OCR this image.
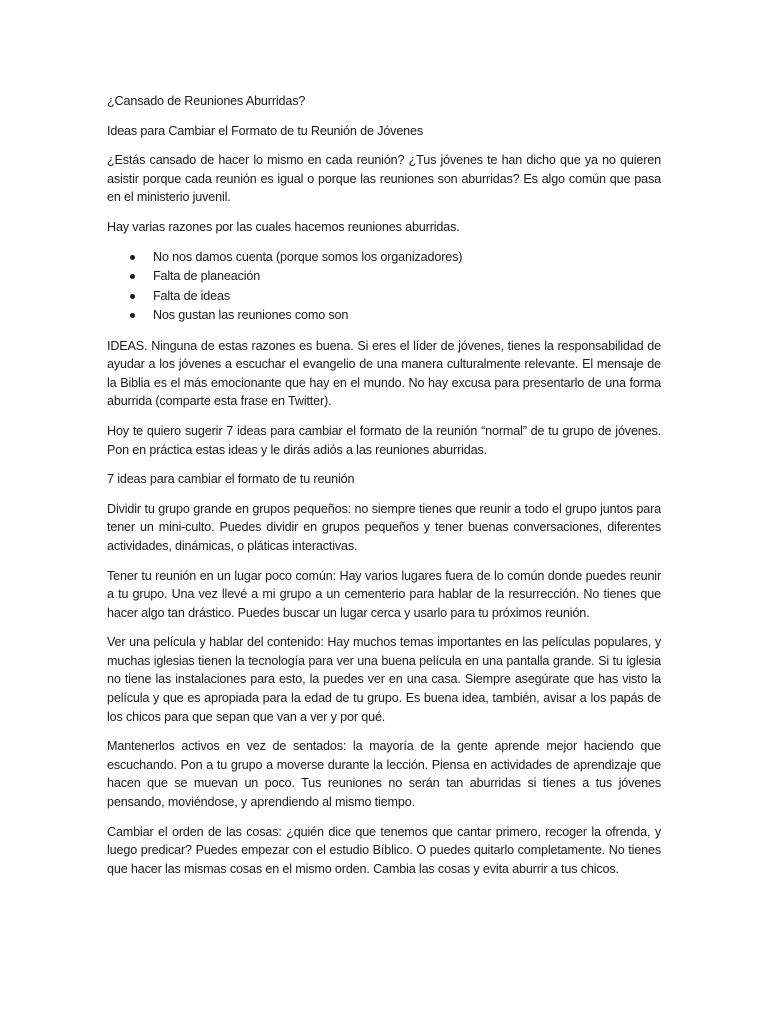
¿Cansado de Reuniones Aburridas?

Ideas para Cambiar el Formato de tu Reunión de Jóvenes

¿Estás cansado de hacer lo mismo en cada reunión? ¿Tus jóvenes te han dicho que ya no quieren asistir porque cada reunión es igual o porque las reuniones son aburridas? Es algo común que pasa en el ministerio juvenil.

Hay varias razones por las cuales hacemos reuniones aburridas.

No nos damos cuenta (porque somos los organizadores)
Falta de planeación
Falta de ideas
Nos gustan las reuniones como son

IDEAS. Ninguna de estas razones es buena. Si eres el líder de jóvenes, tienes la responsabilidad de ayudar a los jóvenes a escuchar el evangelio de una manera culturalmente relevante. El mensaje de la Biblia es el más emocionante que hay en el mundo. No hay excusa para presentarlo de una forma aburrida (comparte esta frase en Twitter).

Hoy te quiero sugerir 7 ideas para cambiar el formato de la reunión “normal” de tu grupo de jóvenes. Pon en práctica estas ideas y le dirás adiós a las reuniones aburridas.

7 ideas para cambiar el formato de tu reunión

Dividir tu grupo grande en grupos pequeños: no siempre tienes que reunir a todo el grupo juntos para tener un mini-culto. Puedes dividir en grupos pequeños y tener buenas conversaciones, diferentes actividades, dinámicas, o pláticas interactivas.

Tener tu reunión en un lugar poco común: Hay varios lugares fuera de lo común donde puedes reunir a tu grupo. Una vez llevé a mi grupo a un cementerio para hablar de la resurrección. No tienes que hacer algo tan drástico. Puedes buscar un lugar cerca y usarlo para tu próximos reunión.

Ver una película y hablar del contenido: Hay muchos temas importantes en las películas populares, y muchas iglesias tienen la tecnología para ver una buena película en una pantalla grande. Si tu iglesia no tiene las instalaciones para esto, la puedes ver en una casa. Siempre asegúrate que has visto la película y que es apropiada para la edad de tu grupo. Es buena idea, también, avisar a los papás de los chicos para que sepan que van a ver y por qué.

Mantenerlos activos en vez de sentados: la mayoría de la gente aprende mejor haciendo que escuchando. Pon a tu grupo a moverse durante la lección. Piensa en actividades de aprendizaje que hacen que se muevan un poco. Tus reuniones no serán tan aburridas si tienes a tus jóvenes pensando, moviéndose, y aprendiendo al mismo tiempo.

Cambiar el orden de las cosas: ¿quién dice que tenemos que cantar primero, recoger la ofrenda, y luego predicar? Puedes empezar con el estudio Bíblico. O puedes quitarlo completamente. No tienes que hacer las mismas cosas en el mismo orden. Cambia las cosas y evita aburrir a tus chicos.
